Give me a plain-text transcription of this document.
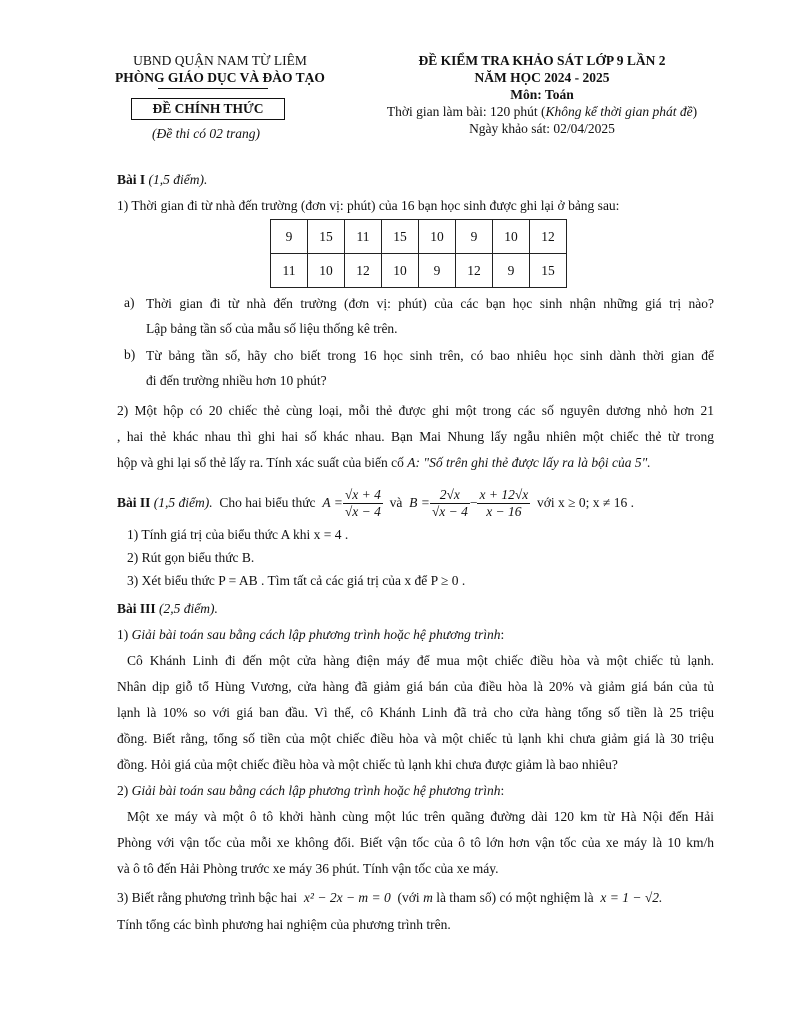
UBND QUẬN NAM TỪ LIÊM
PHÒNG GIÁO DỤC VÀ ĐÀO TẠO
ĐỀ CHÍNH THỨC
(Đề thi có 02 trang)
ĐỀ KIỂM TRA KHẢO SÁT LỚP 9 LẦN 2
NĂM HỌC 2024 - 2025
Môn: Toán
Thời gian làm bài: 120 phút (Không kể thời gian phát đề)
Ngày khảo sát: 02/04/2025
Bài I (1,5 điểm).
1) Thời gian đi từ nhà đến trường (đơn vị: phút) của 16 bạn học sinh được ghi lại ở bảng sau:
9	15	11	15	10	9	10	12
11	10	12	10	9	12	9	15
a) Thời gian đi từ nhà đến trường (đơn vị: phút) của các bạn học sinh nhận những giá trị nào?
Lập bảng tần số của mẫu số liệu thống kê trên.
b) Từ bảng tần số, hãy cho biết trong 16 học sinh trên, có bao nhiêu học sinh dành thời gian để
đi đến trường nhiều hơn 10 phút?
2) Một hộp có 20 chiếc thẻ cùng loại, mỗi thẻ được ghi một trong các số nguyên dương nhỏ hơn 21
, hai thẻ khác nhau thì ghi hai số khác nhau. Bạn Mai Nhung lấy ngẫu nhiên một chiếc thẻ từ trong
hộp và ghi lại số thẻ lấy ra. Tính xác suất của biến cố A: "Số trên ghi thẻ được lấy ra là bội của 5".
Bài II
(1,5 điểm).
Cho hai biểu thức
$A = \frac{√x + 4}{√x - 4}$
và
$B = \frac{2√x}{√x - 4} - \frac{x + 12√x}{x - 16}$
với x ≥ 0; x ≠ 16 .
1) Tính giá trị của biểu thức A khi x = 4 .
2) Rút gọn biểu thức B.
3) Xét biểu thức P = AB . Tìm tất cả các giá trị của x để P ≥ 0 .
Bài III (2,5 điểm).
1) Giải bài toán sau bằng cách lập phương trình hoặc hệ phương trình:
Cô Khánh Linh đi đến một cửa hàng điện máy để mua một chiếc điều hòa và một chiếc tủ lạnh.
Nhân dịp giỗ tổ Hùng Vương, cửa hàng đã giảm giá bán của điều hòa là 20% và giảm giá bán của tủ
lạnh là 10% so với giá ban đầu. Vì thế, cô Khánh Linh đã trả cho cửa hàng tổng số tiền là 25 triệu
đồng. Biết rằng, tổng số tiền của một chiếc điều hòa và một chiếc tủ lạnh khi chưa giảm giá là 30 triệu
đồng. Hỏi giá của một chiếc điều hòa và một chiếc tủ lạnh khi chưa được giảm là bao nhiêu?
2) Giải bài toán sau bằng cách lập phương trình hoặc hệ phương trình:
Một xe máy và một ô tô khởi hành cùng một lúc trên quãng đường dài 120 km từ Hà Nội đến Hải
Phòng với vận tốc của mỗi xe không đổi. Biết vận tốc của ô tô lớn hơn vận tốc của xe máy là 10 km/h
và ô tô đến Hải Phòng trước xe máy 36 phút. Tính vận tốc của xe máy.
3) Biết rằng phương trình bậc hai x² − 2x − m = 0 (với m là tham số) có một nghiệm là x = 1 − √2.
Tính tổng các bình phương hai nghiệm của phương trình trên.
